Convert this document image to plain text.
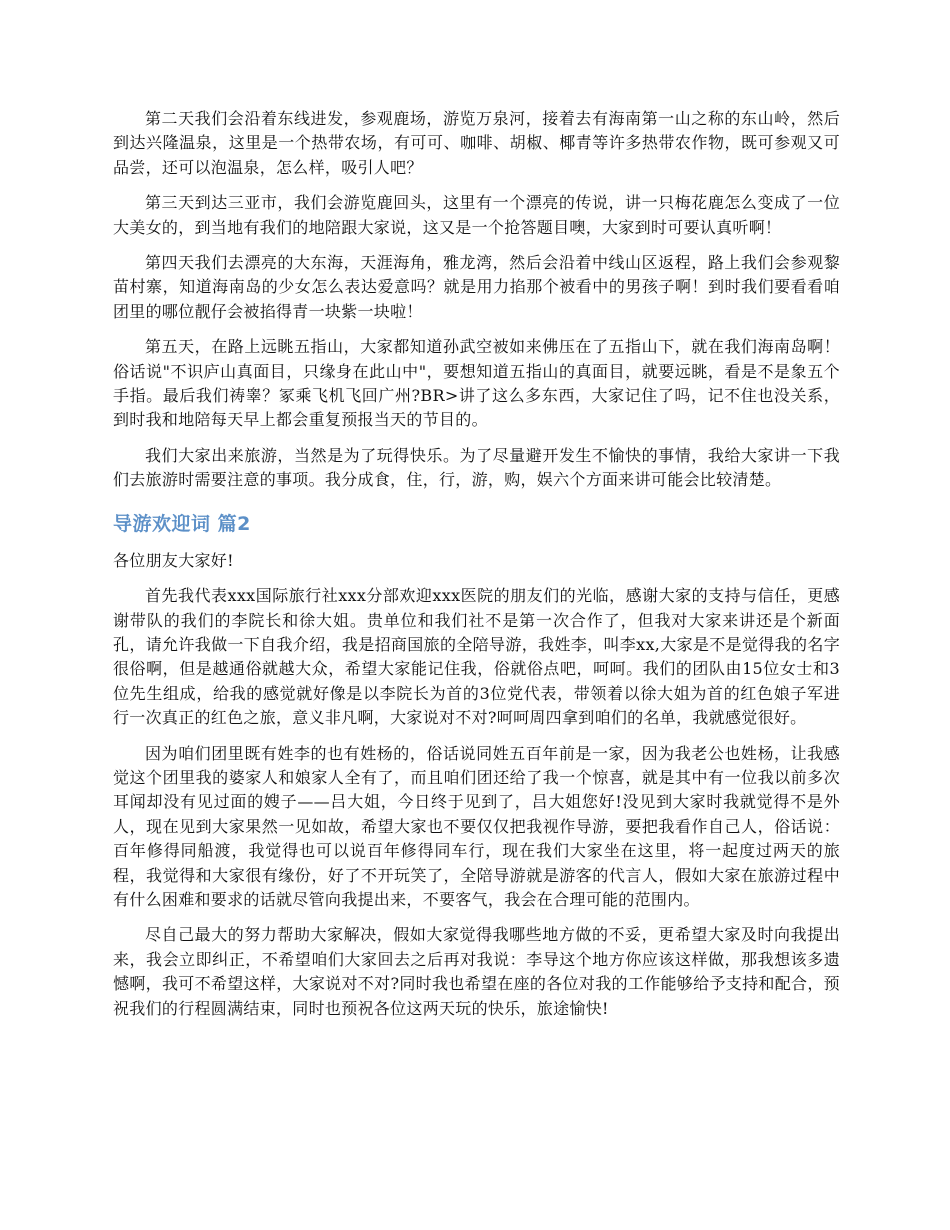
第二天我们会沿着东线进发，参观鹿场，游览万泉河，接着去有海南第一山之称的东山岭，然后到达兴隆温泉，这里是一个热带农场，有可可、咖啡、胡椒、椰青等许多热带农作物，既可参观又可品尝，还可以泡温泉，怎么样，吸引人吧？

第三天到达三亚市，我们会游览鹿回头，这里有一个漂亮的传说，讲一只梅花鹿怎么变成了一位大美女的，到当地有我们的地陪跟大家说，这又是一个抢答题目噢，大家到时可要认真听啊！

第四天我们去漂亮的大东海，天涯海角，雅龙湾，然后会沿着中线山区返程，路上我们会参观黎苗村寨，知道海南岛的少女怎么表达爱意吗？就是用力掐那个被看中的男孩子啊！到时我们要看看咱团里的哪位靓仔会被掐得青一块紫一块啦！

第五天，在路上远眺五指山，大家都知道孙武空被如来佛压在了五指山下，就在我们海南岛啊！俗话说"不识庐山真面目，只缘身在此山中"，要想知道五指山的真面目，就要远眺，看是不是象五个手指。最后我们祷睾？冢乘飞机飞回广州?BR>讲了这么多东西，大家记住了吗，记不住也没关系，到时我和地陪每天早上都会重复预报当天的节目的。

我们大家出来旅游，当然是为了玩得快乐。为了尽量避开发生不愉快的事情，我给大家讲一下我们去旅游时需要注意的事项。我分成食，住，行，游，购，娱六个方面来讲可能会比较清楚。

导游欢迎词 篇2

各位朋友大家好!

首先我代表xxx国际旅行社xxx分部欢迎xxx医院的朋友们的光临，感谢大家的支持与信任，更感谢带队的我们的李院长和徐大姐。贵单位和我们社不是第一次合作了，但我对大家来讲还是个新面孔，请允许我做一下自我介绍，我是招商国旅的全陪导游，我姓李，叫李xx,大家是不是觉得我的名字很俗啊，但是越通俗就越大众，希望大家能记住我，俗就俗点吧，呵呵。我们的团队由15位女士和3位先生组成，给我的感觉就好像是以李院长为首的3位党代表，带领着以徐大姐为首的红色娘子军进行一次真正的红色之旅，意义非凡啊，大家说对不对?呵呵周四拿到咱们的名单，我就感觉很好。

因为咱们团里既有姓李的也有姓杨的，俗话说同姓五百年前是一家，因为我老公也姓杨，让我感觉这个团里我的婆家人和娘家人全有了，而且咱们团还给了我一个惊喜，就是其中有一位我以前多次耳闻却没有见过面的嫂子——吕大姐，今日终于见到了，吕大姐您好!没见到大家时我就觉得不是外人，现在见到大家果然一见如故，希望大家也不要仅仅把我视作导游，要把我看作自己人，俗话说：百年修得同船渡，我觉得也可以说百年修得同车行，现在我们大家坐在这里，将一起度过两天的旅程，我觉得和大家很有缘份，好了不开玩笑了，全陪导游就是游客的代言人，假如大家在旅游过程中有什么困难和要求的话就尽管向我提出来，不要客气，我会在合理可能的范围内。

尽自己最大的努力帮助大家解决，假如大家觉得我哪些地方做的不妥，更希望大家及时向我提出来，我会立即纠正，不希望咱们大家回去之后再对我说：李导这个地方你应该这样做，那我想该多遗憾啊，我可不希望这样，大家说对不对?同时我也希望在座的各位对我的工作能够给予支持和配合，预祝我们的行程圆满结束，同时也预祝各位这两天玩的快乐，旅途愉快!
